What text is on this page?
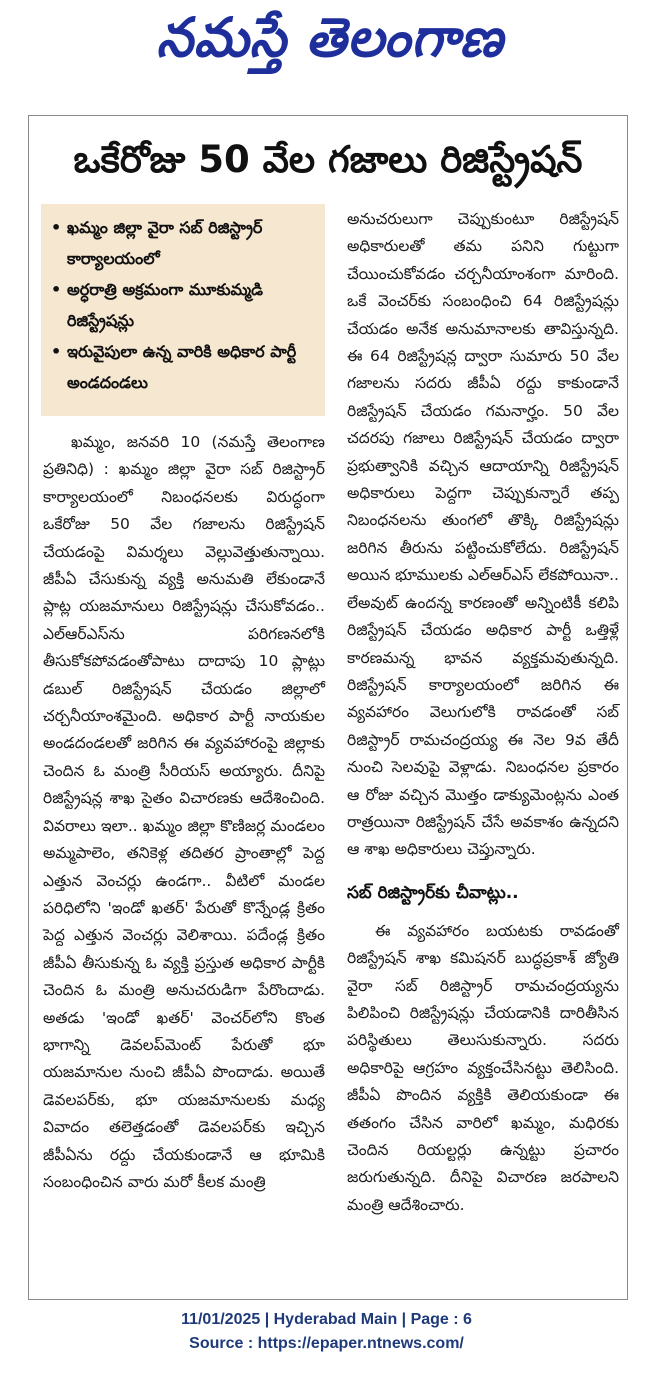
నమస్తే తెలంగాణ
ఒకేరోజు 50 వేల గజాలు రిజిస్ట్రేషన్
• ఖమ్మం జిల్లా వైరా సబ్ రిజిస్ట్రార్ కార్యాలయంలో
• అర్ధరాత్రి అక్రమంగా మూకుమ్మడి రిజిస్ట్రేషన్లు
• ఇరువైపులా ఉన్న వారికి అధికార పార్టీ అండదండలు

ఖమ్మం, జనవరి 10 (నమస్తే తెలంగాణ ప్రతినిధి) : ఖమ్మం జిల్లా వైరా సబ్ రిజిస్ట్రార్ కార్యాలయంలో నిబంధనలకు విరుద్ధంగా ఒకేరోజు 50 వేల గజాలను రిజిస్ట్రేషన్ చేయడంపై విమర్శలు వెల్లువెత్తుతున్నాయి. జీపీఏ చేసుకున్న వ్యక్తి అనుమతి లేకుండానే ప్లాట్ల యజమానులు రిజిస్ట్రేషన్లు చేసుకోవడం.. ఎల్ఆర్ఎస్‌ను పరిగణనలోకి తీసుకోకపోవడంతోపాటు దాదాపు 10 ప్లాట్లు డబుల్ రిజిస్ట్రేషన్ చేయడం జిల్లాలో చర్చనీయాంశమైంది. అధికార పార్టీ నాయకుల అండదండలతో జరిగిన ఈ వ్యవహారంపై జిల్లాకు చెందిన ఓ మంత్రి సీరియస్ అయ్యారు. దీనిపై రిజిస్ట్రేషన్ల శాఖ సైతం విచారణకు ఆదేశించింది. వివరాలు ఇలా.. ఖమ్మం జిల్లా కొణిజర్ల మండలం అమ్మపాలెం, తనికెళ్ల తదితర ప్రాంతాల్లో పెద్ద ఎత్తున వెంచర్లు ఉండగా.. వీటిలో మండల పరిధిలోని 'ఇండో ఖతర్' పేరుతో కొన్నేండ్ల క్రితం పెద్ద ఎత్తున వెంచర్లు వెలిశాయి. పదేండ్ల క్రితం జీపీఏ తీసుకున్న ఓ వ్యక్తి ప్రస్తుత అధికార పార్టీకి చెందిన ఓ మంత్రి అనుచరుడిగా పేరొందాడు. అతడు 'ఇండో ఖతర్' వెంచర్‌లోని కొంత భాగాన్ని డెవలప్‌మెంట్ పేరుతో భూ యజమానుల నుంచి జీపీఏ పొందాడు. అయితే డెవలపర్‌కు, భూ యజమానులకు మధ్య వివాదం తలెత్తడంతో డెవలపర్‌కు ఇచ్చిన జీపీఏను రద్దు చేయకుండానే ఆ భూమికి సంబంధించిన వారు మరో కీలక మంత్రి

అనుచరులుగా చెప్పుకుంటూ రిజిస్ట్రేషన్ అధికారులతో తమ పనిని గుట్టుగా చేయించుకోవడం చర్చనీయాంశంగా మారింది. ఒకే వెంచర్‌కు సంబంధించి 64 రిజిస్ట్రేషన్లు చేయడం అనేక అనుమానాలకు తావిస్తున్నది. ఈ 64 రిజిస్ట్రేషన్ల ద్వారా సుమారు 50 వేల గజాలను సదరు జీపీఏ రద్దు కాకుండానే రిజిస్ట్రేషన్ చేయడం గమనార్హం. 50 వేల చదరపు గజాలు రిజిస్ట్రేషన్ చేయడం ద్వారా ప్రభుత్వానికి వచ్చిన ఆదాయాన్ని రిజిస్ట్రేషన్ అధికారులు పెద్దగా చెప్పుకున్నారే తప్ప నిబంధనలను తుంగలో తొక్కి రిజిస్ట్రేషన్లు జరిగిన తీరును పట్టించుకోలేదు. రిజిస్ట్రేషన్ అయిన భూములకు ఎల్ఆర్ఎస్ లేకపోయినా.. లేఅవుట్ ఉందన్న కారణంతో అన్నింటికీ కలిపి రిజిస్ట్రేషన్ చేయడం అధికార పార్టీ ఒత్తిళ్లే కారణమన్న భావన వ్యక్తమవుతున్నది. రిజిస్ట్రేషన్ కార్యాలయంలో జరిగిన ఈ వ్యవహారం వెలుగులోకి రావడంతో సబ్ రిజిస్ట్రార్ రామచంద్రయ్య ఈ నెల 9వ తేదీ నుంచి సెలవుపై వెళ్లాడు. నిబంధనల ప్రకారం ఆ రోజు వచ్చిన మొత్తం డాక్యుమెంట్లను ఎంత రాత్రయినా రిజిస్ట్రేషన్ చేసే అవకాశం ఉన్నదని ఆ శాఖ అధికారులు చెప్తున్నారు.

సబ్ రిజిస్ట్రార్‌కు చీవాట్లు..

ఈ వ్యవహారం బయటకు రావడంతో రిజిస్ట్రేషన్ శాఖ కమిషనర్ బుద్ధప్రకాశ్ జ్యోతి వైరా సబ్ రిజిస్ట్రార్ రామచంద్రయ్యను పిలిపించి రిజిస్ట్రేషన్లు చేయడానికి దారితీసిన పరిస్థితులు తెలుసుకున్నారు. సదరు అధికారిపై ఆగ్రహం వ్యక్తంచేసినట్టు తెలిసింది. జీపీఏ పొందిన వ్యక్తికి తెలియకుండా ఈ తతంగం చేసిన వారిలో ఖమ్మం, మధిరకు చెందిన రియల్టర్లు ఉన్నట్టు ప్రచారం జరుగుతున్నది. దీనిపై విచారణ జరపాలని మంత్రి ఆదేశించారు.

11/01/2025 | Hyderabad Main | Page : 6
Source : https://epaper.ntnews.com/
